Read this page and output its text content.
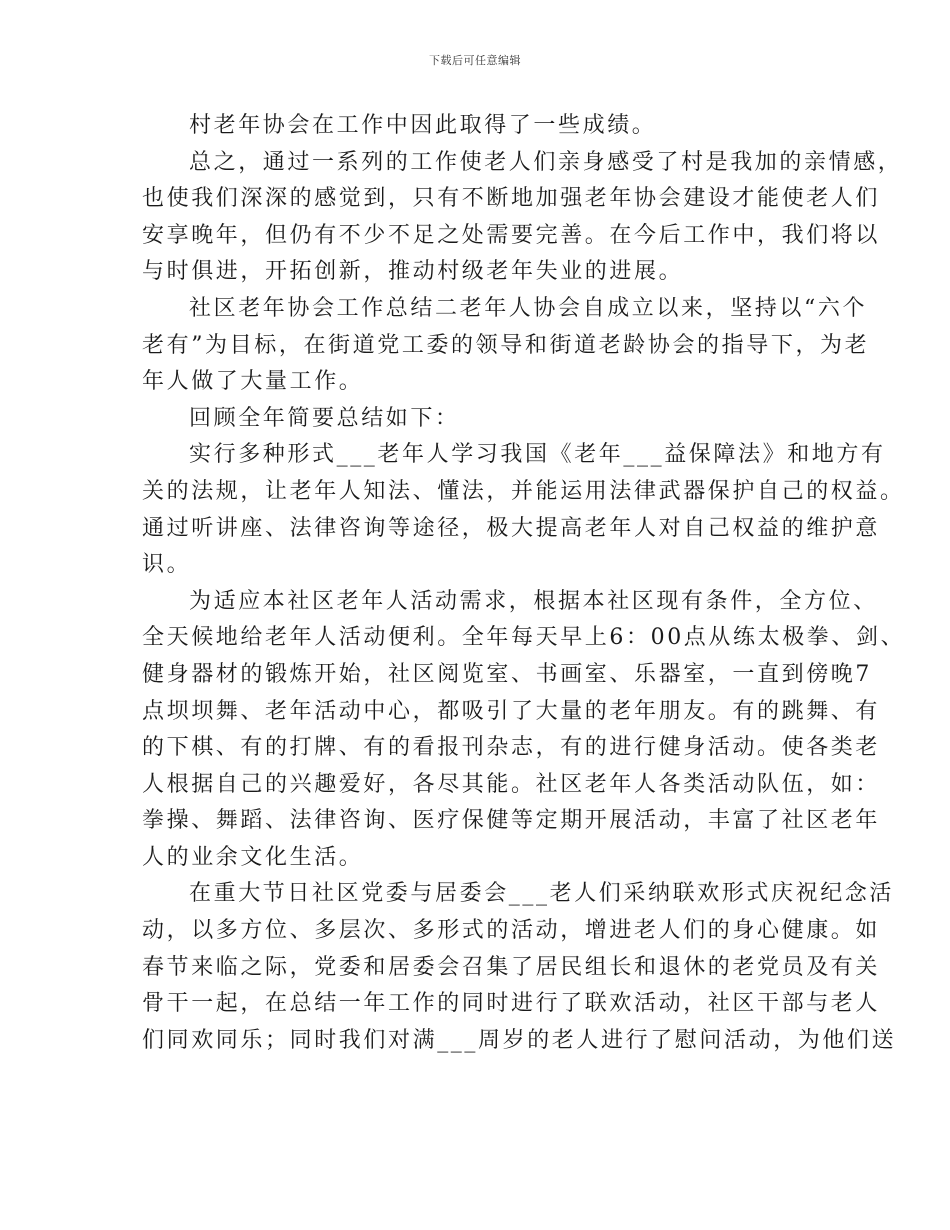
下载后可任意编辑
村老年协会在工作中因此取得了一些成绩。
总之，通过一系列的工作使老人们亲身感受了村是我加的亲情感，
也使我们深深的感觉到，只有不断地加强老年协会建设才能使老人们
安享晚年，但仍有不少不足之处需要完善。在今后工作中，我们将以
与时俱进，开拓创新，推动村级老年失业的进展。
社区老年协会工作总结二老年人协会自成立以来，坚持以“六个
老有”为目标，在街道党工委的领导和街道老龄协会的指导下，为老
年人做了大量工作。
回顾全年简要总结如下：
实行多种形式___老年人学习我国《老年___益保障法》和地方有
关的法规，让老年人知法、懂法，并能运用法律武器保护自己的权益。
通过听讲座、法律咨询等途径，极大提高老年人对自己权益的维护意
识。
为适应本社区老年人活动需求，根据本社区现有条件，全方位、
全天候地给老年人活动便利。全年每天早上6：00点从练太极拳、剑、
健身器材的锻炼开始，社区阅览室、书画室、乐器室，一直到傍晚7
点坝坝舞、老年活动中心，都吸引了大量的老年朋友。有的跳舞、有
的下棋、有的打牌、有的看报刊杂志，有的进行健身活动。使各类老
人根据自己的兴趣爱好，各尽其能。社区老年人各类活动队伍，如：
拳操、舞蹈、法律咨询、医疗保健等定期开展活动，丰富了社区老年
人的业余文化生活。
在重大节日社区党委与居委会___老人们采纳联欢形式庆祝纪念活
动，以多方位、多层次、多形式的活动，增进老人们的身心健康。如
春节来临之际，党委和居委会召集了居民组长和退休的老党员及有关
骨干一起，在总结一年工作的同时进行了联欢活动，社区干部与老人
们同欢同乐；同时我们对满___周岁的老人进行了慰问活动，为他们送
